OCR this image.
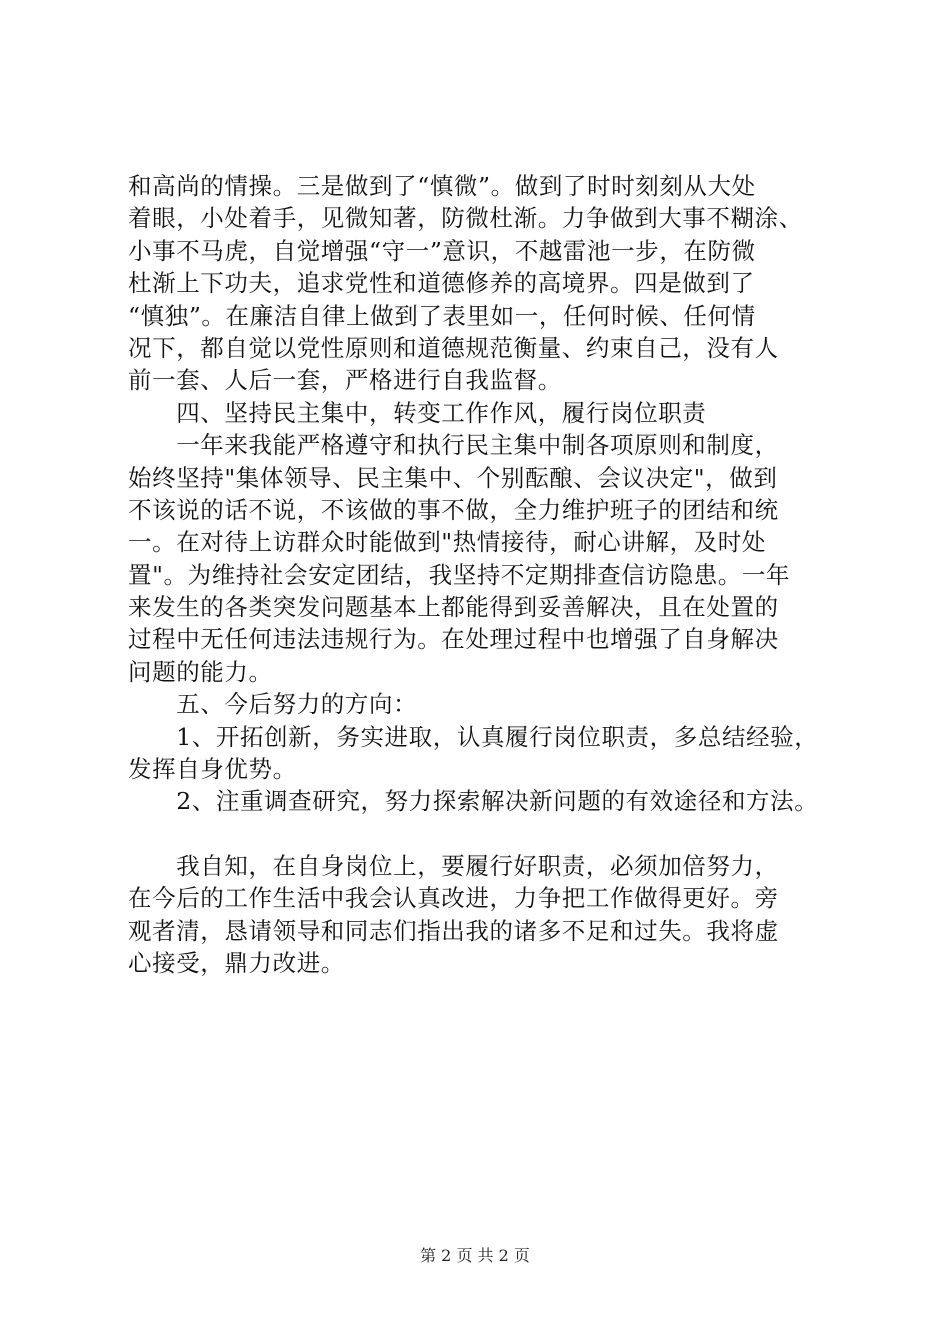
和高尚的情操。三是做到了“慎微”。做到了时时刻刻从大处
着眼，小处着手，见微知著，防微杜渐。力争做到大事不糊涂、
小事不马虎，自觉增强“守一”意识，不越雷池一步，在防微
杜渐上下功夫，追求党性和道德修养的高境界。四是做到了
“慎独”。在廉洁自律上做到了表里如一，任何时候、任何情
况下，都自觉以党性原则和道德规范衡量、约束自己，没有人
前一套、人后一套，严格进行自我监督。
　　四、坚持民主集中，转变工作作风，履行岗位职责
　　一年来我能严格遵守和执行民主集中制各项原则和制度，
始终坚持"集体领导、民主集中、个别酝酿、会议决定"，做到
不该说的话不说，不该做的事不做，全力维护班子的团结和统
一。在对待上访群众时能做到"热情接待，耐心讲解，及时处
置"。为维持社会安定团结，我坚持不定期排查信访隐患。一年
来发生的各类突发问题基本上都能得到妥善解决，且在处置的
过程中无任何违法违规行为。在处理过程中也增强了自身解决
问题的能力。
　　五、今后努力的方向：
　　1、开拓创新，务实进取，认真履行岗位职责，多总结经验，
发挥自身优势。
　　2、注重调查研究，努力探索解决新问题的有效途径和方法。
　　我自知，在自身岗位上，要履行好职责，必须加倍努力，
在今后的工作生活中我会认真改进，力争把工作做得更好。旁
观者清，恳请领导和同志们指出我的诸多不足和过失。我将虚
心接受，鼎力改进。
第 2 页 共 2 页
